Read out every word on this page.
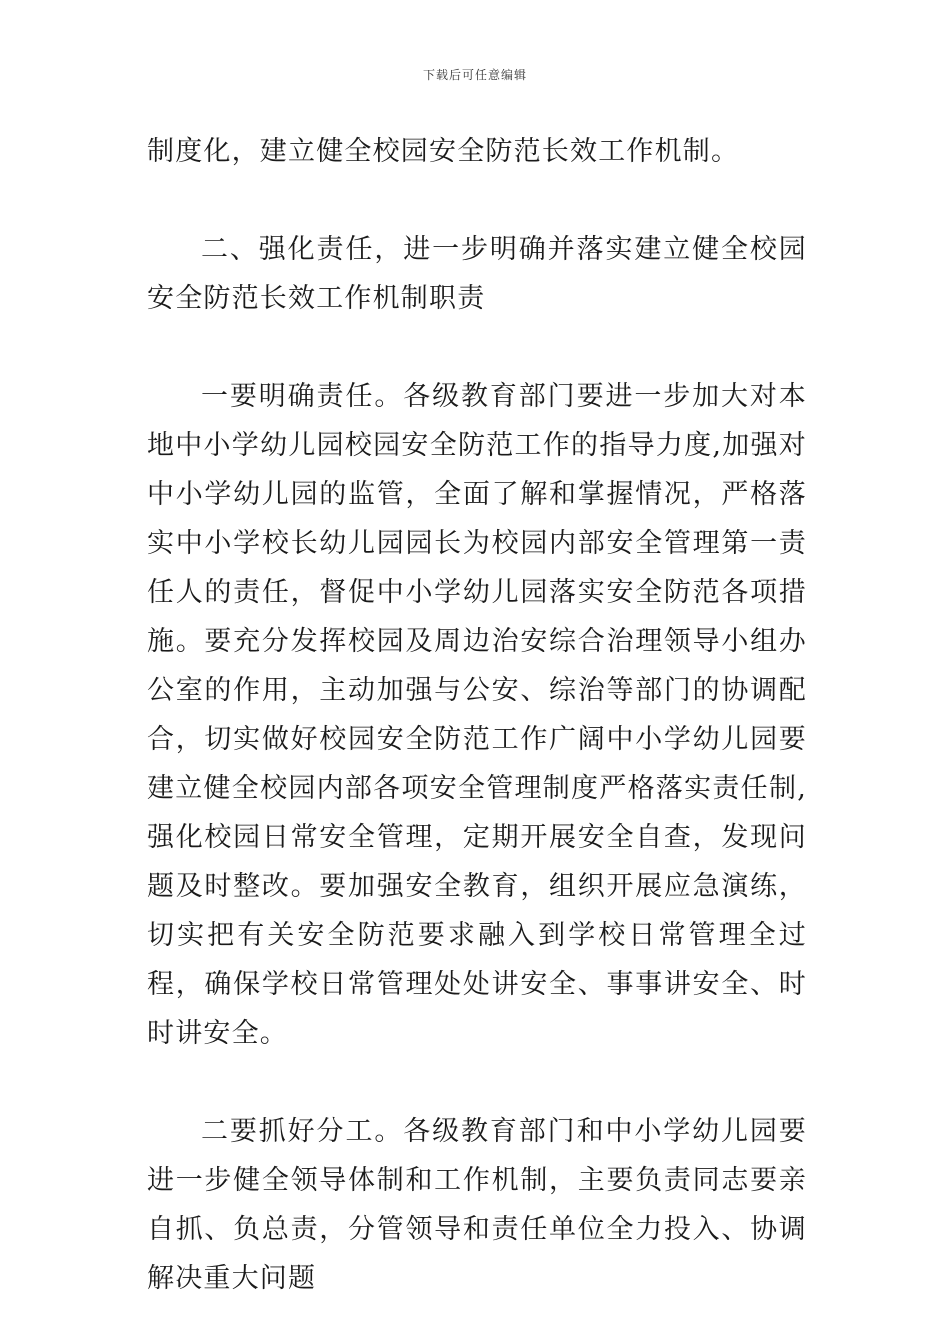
下载后可任意编辑

制度化，建立健全校园安全防范长效工作机制。

二、强化责任，进一步明确并落实建立健全校园安全防范长效工作机制职责

一要明确责任。各级教育部门要进一步加大对本地中小学幼儿园校园安全防范工作的指导力度,加强对中小学幼儿园的监管，全面了解和掌握情况，严格落实中小学校长幼儿园园长为校园内部安全管理第一责任人的责任，督促中小学幼儿园落实安全防范各项措施。要充分发挥校园及周边治安综合治理领导小组办公室的作用，主动加强与公安、综治等部门的协调配合，切实做好校园安全防范工作广阔中小学幼儿园要建立健全校园内部各项安全管理制度严格落实责任制,强化校园日常安全管理，定期开展安全自查，发现问题及时整改。要加强安全教育，组织开展应急演练，切实把有关安全防范要求融入到学校日常管理全过程，确保学校日常管理处处讲安全、事事讲安全、时时讲安全。

二要抓好分工。各级教育部门和中小学幼儿园要进一步健全领导体制和工作机制，主要负责同志要亲自抓、负总责，分管领导和责任单位全力投入、协调解决重大问题
